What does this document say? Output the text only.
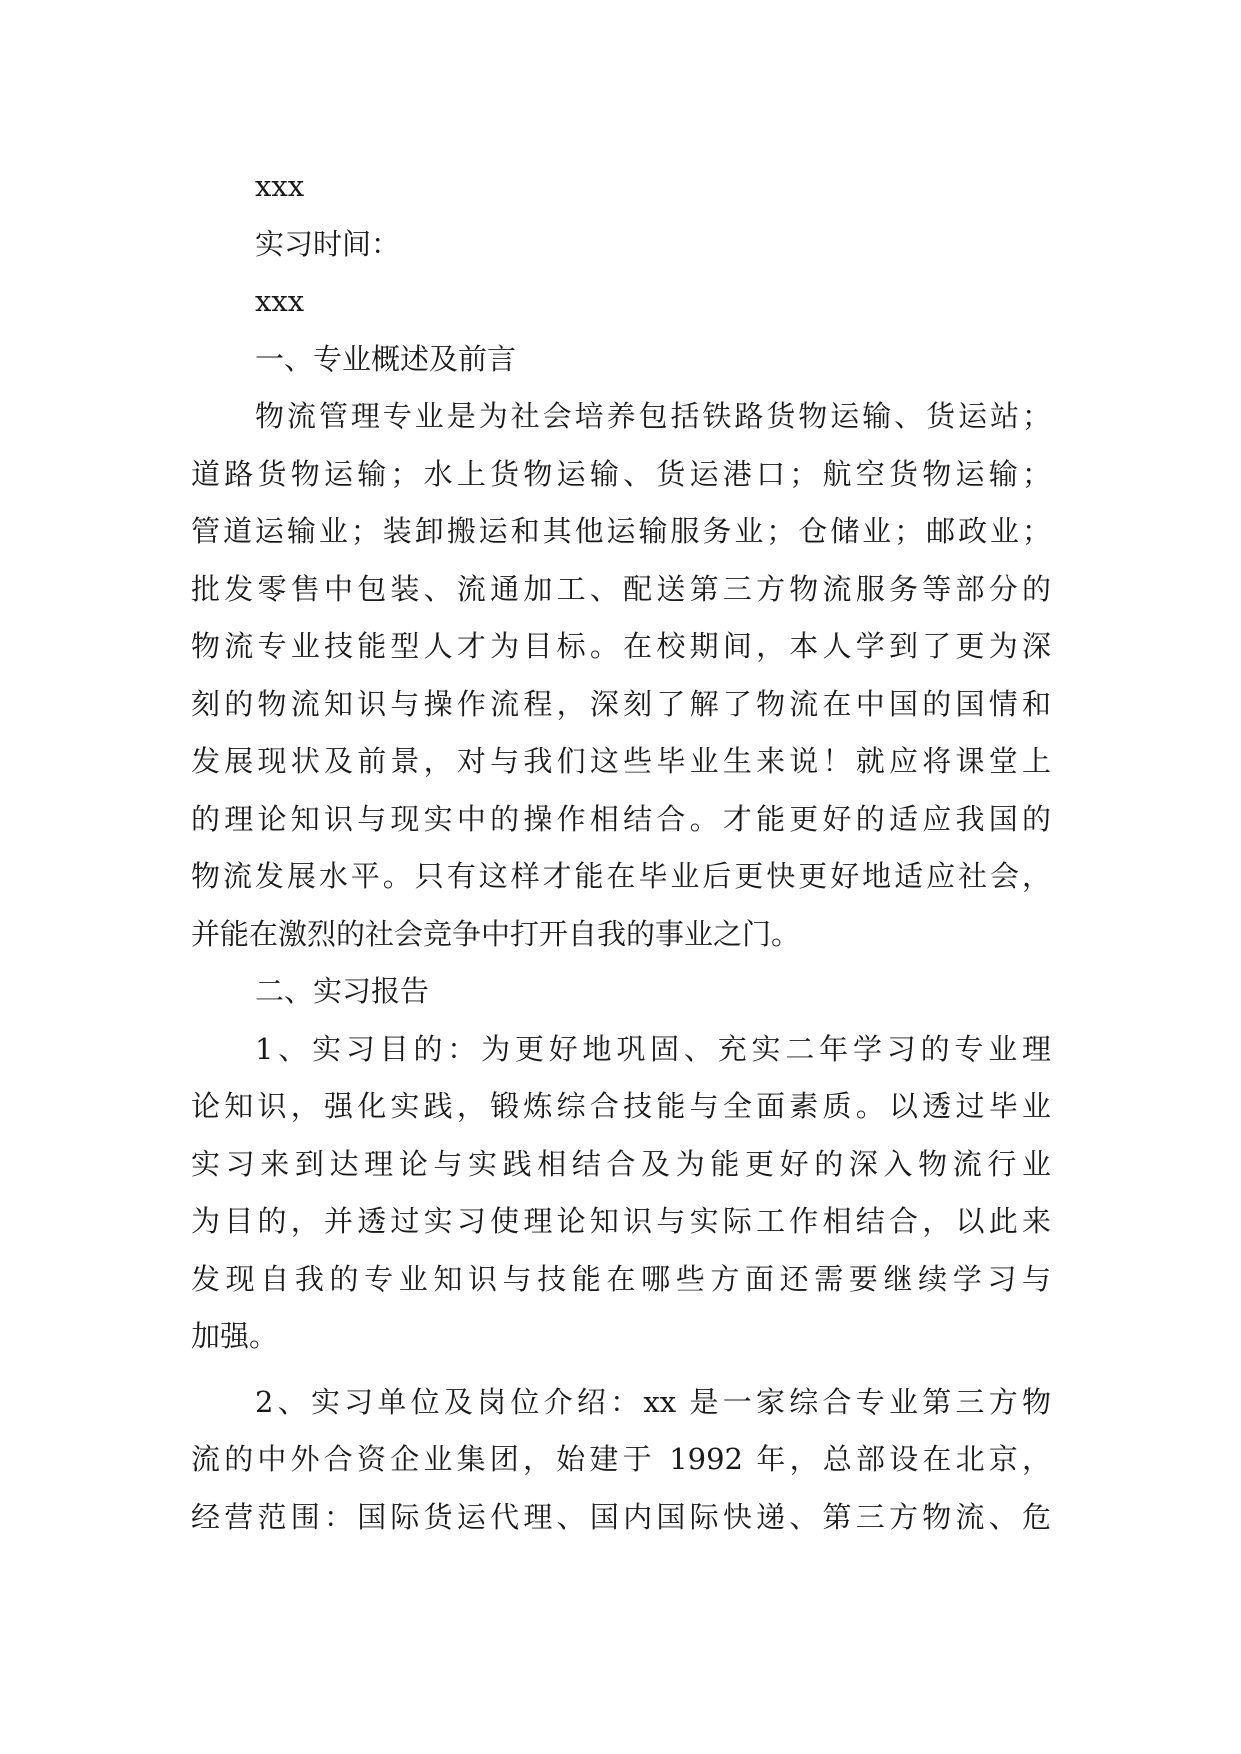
xxx
实习时间：
xxx
一、专业概述及前言
物流管理专业是为社会培养包括铁路货物运输、货运站；
道路货物运输；水上货物运输、货运港口；航空货物运输；
管道运输业；装卸搬运和其他运输服务业；仓储业；邮政业；
批发零售中包装、流通加工、配送第三方物流服务等部分的
物流专业技能型人才为目标。在校期间，本人学到了更为深
刻的物流知识与操作流程，深刻了解了物流在中国的国情和
发展现状及前景，对与我们这些毕业生来说！就应将课堂上
的理论知识与现实中的操作相结合。才能更好的适应我国的
物流发展水平。只有这样才能在毕业后更快更好地适应社会，
并能在激烈的社会竞争中打开自我的事业之门。
二、实习报告
1、实习目的：为更好地巩固、充实二年学习的专业理
论知识，强化实践，锻炼综合技能与全面素质。以透过毕业
实习来到达理论与实践相结合及为能更好的深入物流行业
为目的，并透过实习使理论知识与实际工作相结合，以此来
发现自我的专业知识与技能在哪些方面还需要继续学习与
加强。
2、实习单位及岗位介绍：xx 是一家综合专业第三方物
流的中外合资企业集团，始建于 1992 年，总部设在北京，
经营范围：国际货运代理、国内国际快递、第三方物流、危
